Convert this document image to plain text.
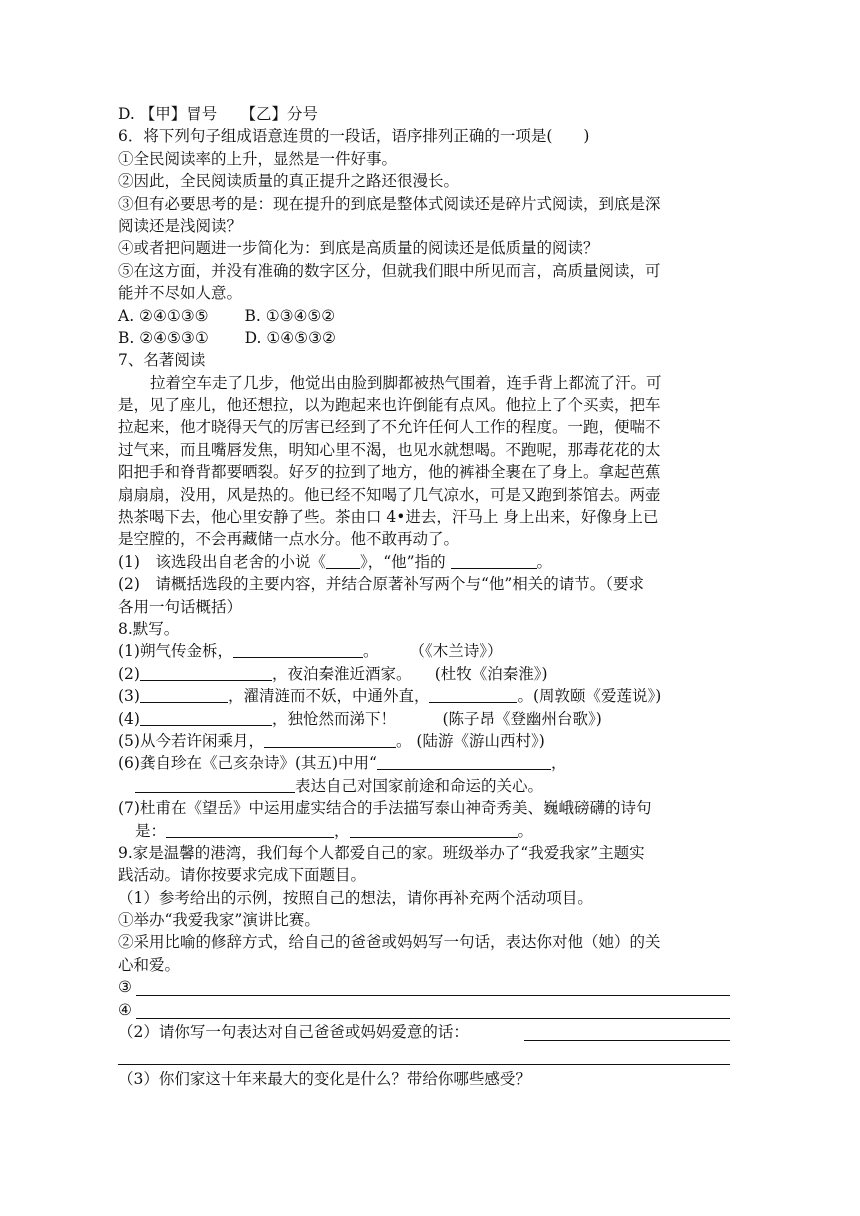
D. 【甲】冒号　　【乙】分号
6．将下列句子组成语意连贯的一段话，语序排列正确的一项是(　　)
①全民阅读率的上升，显然是一件好事。
②因此，全民阅读质量的真正提升之路还很漫长。
③但有必要思考的是：现在提升的到底是整体式阅读还是碎片式阅读，到底是深
阅读还是浅阅读？
④或者把问题进一步简化为：到底是高质量的阅读还是低质量的阅读？
⑤在这方面，并没有准确的数字区分，但就我们眼中所见而言，高质量阅读，可
能并不尽如人意。
A. ②④①③⑤　　 B. ①③④⑤②
B. ②④⑤③①　　 D. ①④⑤③②
7、名著阅读
拉着空车走了几步，他觉出由脸到脚都被热气围着，连手背上都流了汗。可
是，见了座儿，他还想拉，以为跑起来也许倒能有点风。他拉上了个买卖，把车
拉起来，他才晓得天气的厉害已经到了不允许任何人工作的程度。一跑，便喘不
过气来，而且嘴唇发焦，明知心里不渴，也见水就想喝。不跑呢，那毒花花的太
阳把手和脊背都要晒裂。好歹的拉到了地方，他的裤褂全裹在了身上。拿起芭蕉
扇扇扇，没用，风是热的。他已经不知喝了几气凉水，可是又跑到茶馆去。两壶
热茶喝下去，他心里安静了些。茶由口 4•进去，汗马上 身上出来，好像身上已
是空膛的，不会再藏储一点水分。他不敢再动了。
(1)　该选段出自老舍的小说《 》，“他”指的	。
(2)　请概括选段的主要内容，并结合原著补写两个与“他”相关的请节。（要求
各用一句话概括）
8.默写。
(1)朔气传金柝，	。　　　（《木兰诗》）
(2)	，夜泊秦淮近酒家。　　(杜牧《泊秦淮》)
(3)	，濯清涟而不妖，中通外直，	。(周敦颐《爱莲说》)
(4)	，独怆然而涕下！　　　(陈子昂《登幽州台歌》)
(5)从今若许闲乘月，	。 (陆游《游山西村》)
(6)龚自珍在《己亥杂诗》(其五)中用“	，
表达自己对国家前途和命运的关心。
(7)杜甫在《望岳》中运用虚实结合的手法描写泰山神奇秀美、巍峨磅礴的诗句
是：	，	。
9.家是温馨的港湾，我们每个人都爱自己的家。班级举办了“我爱我家”主题实
践活动。请你按要求完成下面题目。
（1）参考给出的示例，按照自己的想法，请你再补充两个活动项目。
①举办“我爱我家”演讲比赛。
②采用比喻的修辞方式，给自己的爸爸或妈妈写一句话，表达你对他（她）的关
心和爱。
③
④
（2）请你写一句表达对自己爸爸或妈妈爱意的话：
（3）你们家这十年来最大的变化是什么？带给你哪些感受？
